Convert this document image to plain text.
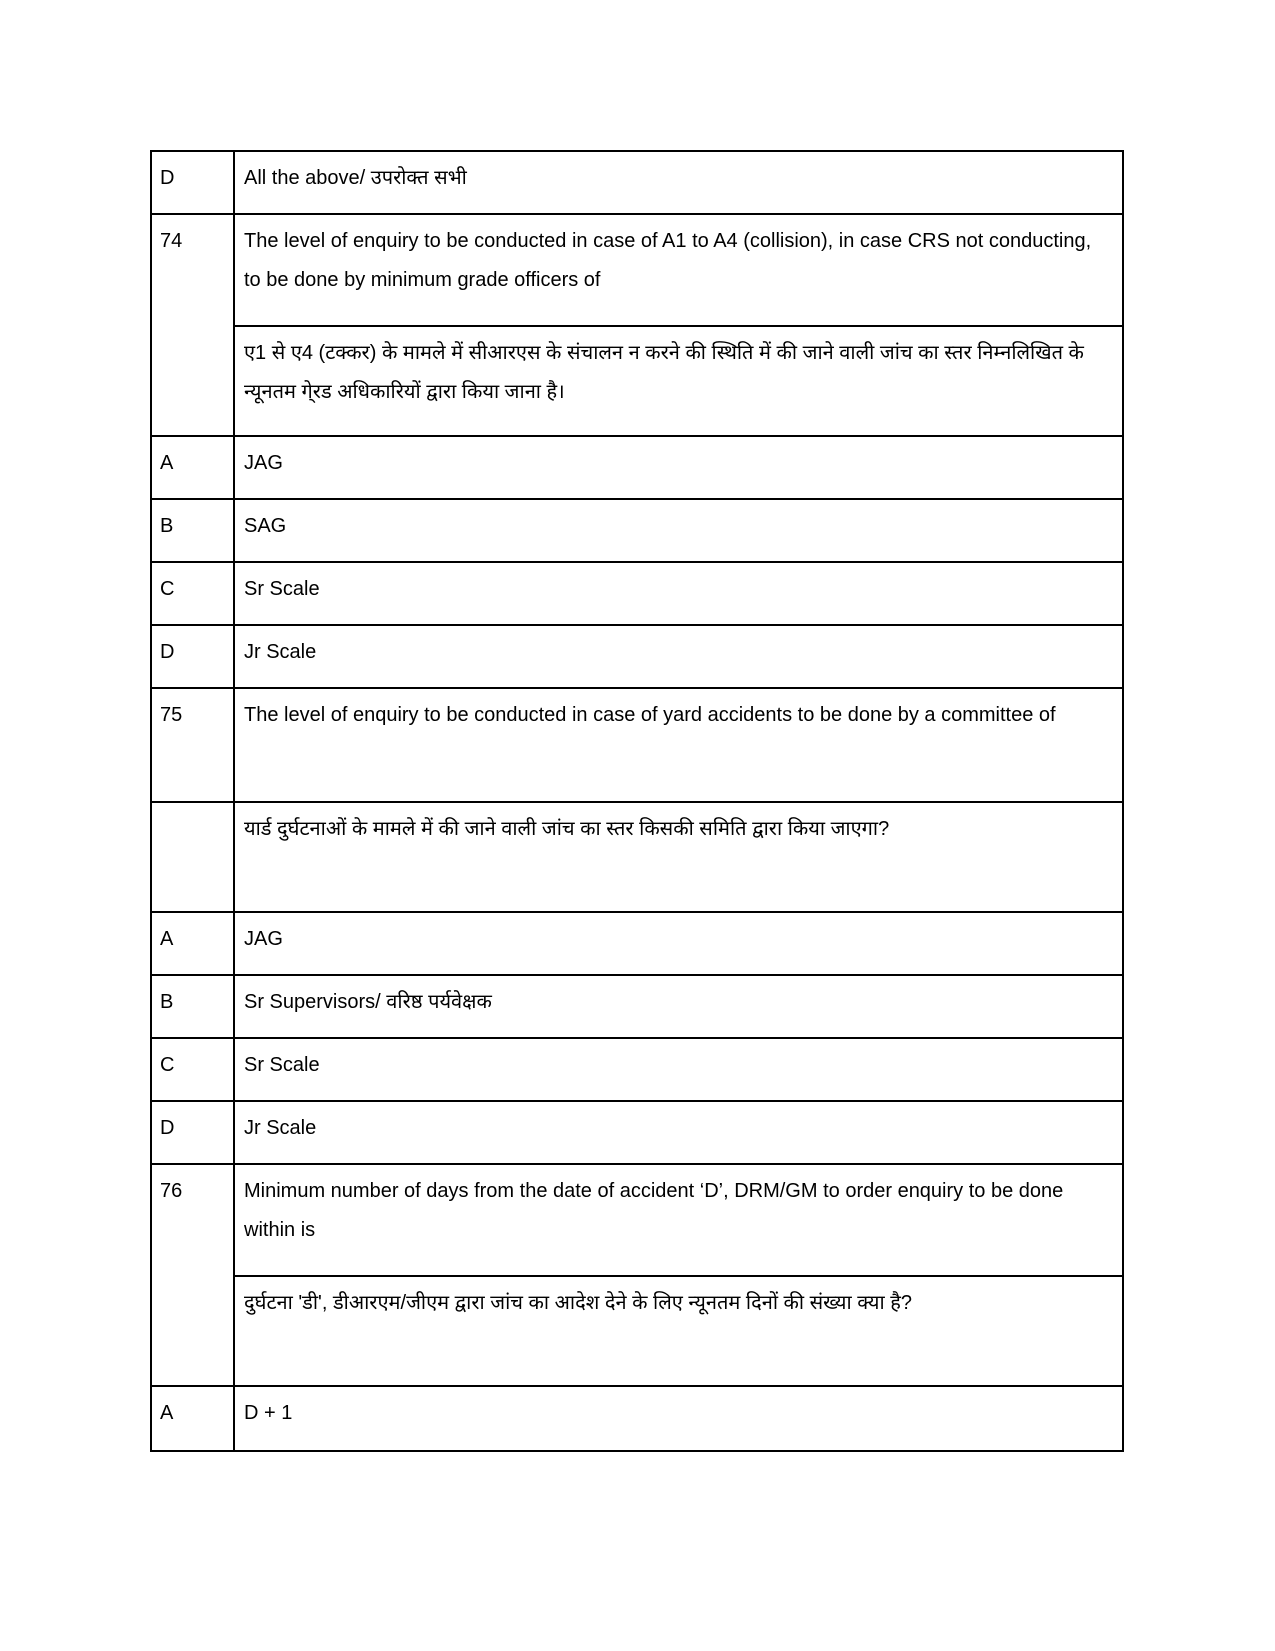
D	All the above/ उपरोक्त सभी
74	The level of enquiry to be conducted in case of A1 to A4 (collision), in case CRS not conducting, to be done by minimum grade officers of
ए1 से ए4 (टक्कर) के मामले में सीआरएस के संचालन न करने की स्थिति में की जाने वाली जांच का स्तर निम्नलिखित के न्यूनतम गे्रड अधिकारियों द्वारा किया जाना है।
A	JAG
B	SAG
C	Sr Scale
D	Jr Scale
75	The level of enquiry to be conducted in case of yard accidents to be done by a committee of
यार्ड दुर्घटनाओं के मामले में की जाने वाली जांच का स्तर किसकी समिति द्वारा किया जाएगा?
A	JAG
B	Sr Supervisors/ वरिष्ठ पर्यवेक्षक
C	Sr Scale
D	Jr Scale
76	Minimum number of days from the date of accident ‘D’, DRM/GM to order enquiry to be done within is
दुर्घटना 'डी', डीआरएम/जीएम द्वारा जांच का आदेश देने के लिए न्यूनतम दिनों की संख्या क्या है?
A	D + 1
